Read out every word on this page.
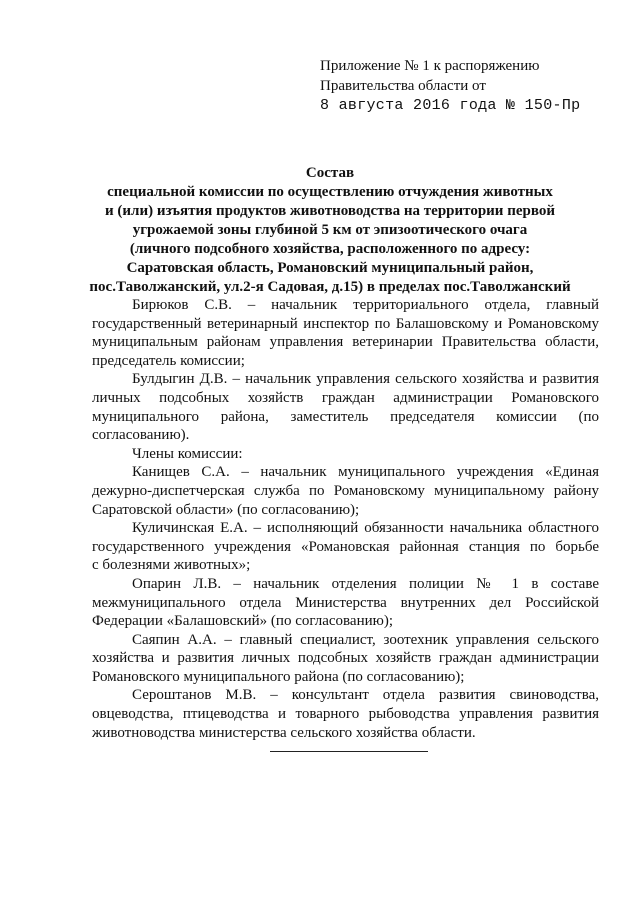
Приложение № 1 к распоряжению
Правительства области от
8 августа 2016 года № 150-Пр
Состав
специальной комиссии по осуществлению отчуждения животных
и (или) изъятия продуктов животноводства на территории первой
угрожаемой зоны глубиной 5 км от эпизоотического очага
(личного подсобного хозяйства, расположенного по адресу:
Саратовская область, Романовский муниципальный район,
пос.Таволжанский, ул.2-я Садовая, д.15) в пределах пос.Таволжанский

Бирюков С.В. – начальник территориального отдела, главный
государственный ветеринарный инспектор по Балашовскому и Романовскому
муниципальным районам управления ветеринарии Правительства области,
председатель комиссии;

Булдыгин Д.В. – начальник управления сельского хозяйства и развития
личных подсобных хозяйств граждан администрации Романовского
муниципального района, заместитель председателя комиссии (по согласованию).

Члены комиссии:

Канищев С.А. – начальник муниципального учреждения «Единая
дежурно-диспетчерская служба по Романовскому муниципальному району
Саратовской области» (по согласованию);

Куличинская Е.А. – исполняющий обязанности начальника областного
государственного учреждения «Романовская районная станция по борьбе
с болезнями животных»;

Опарин Л.В. – начальник отделения полиции № 1 в составе
межмуниципального отдела Министерства внутренних дел Российской
Федерации «Балашовский» (по согласованию);

Саяпин А.А. – главный специалист, зоотехник управления сельского
хозяйства и развития личных подсобных хозяйств граждан администрации
Романовского муниципального района (по согласованию);

Сероштанов М.В. – консультант отдела развития свиноводства,
овцеводства, птицеводства и товарного рыбоводства управления развития
животноводства министерства сельского хозяйства области.
